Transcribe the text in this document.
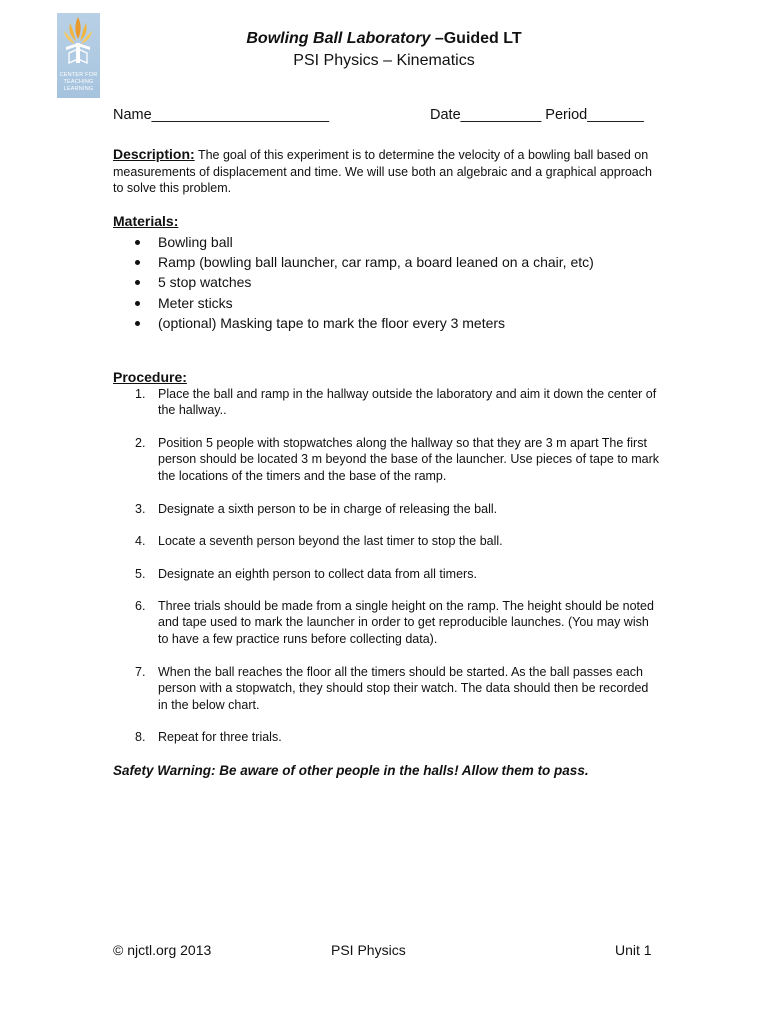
CENTER FOR
TEACHING
LEARNING
Bowling Ball Laboratory –Guided LT
PSI Physics – Kinematics
Name______________________	Date__________ Period_______
Description: The goal of this experiment is to determine the velocity of a bowling ball based on measurements of displacement and time. We will use both an algebraic and a graphical approach to solve this problem.
Materials:
Bowling ball
Ramp (bowling ball launcher, car ramp, a board leaned on a chair, etc)
5 stop watches
Meter sticks
(optional) Masking tape to mark the floor every 3 meters
Procedure:
1. Place the ball and ramp in the hallway outside the laboratory and aim it down the center of the hallway..
2. Position 5 people with stopwatches along the hallway so that they are 3 m apart The first person should be located 3 m beyond the base of the launcher. Use pieces of tape to mark the locations of the timers and the base of the ramp.
3. Designate a sixth person to be in charge of releasing the ball.
4. Locate a seventh person beyond the last timer to stop the ball.
5. Designate an eighth person to collect data from all timers.
6. Three trials should be made from a single height on the ramp. The height should be noted and tape used to mark the launcher in order to get reproducible launches. (You may wish to have a few practice runs before collecting data).
7. When the ball reaches the floor all the timers should be started. As the ball passes each person with a stopwatch, they should stop their watch. The data should then be recorded in the below chart.
8. Repeat for three trials.
Safety Warning: Be aware of other people in the halls! Allow them to pass.
© njctl.org 2013	PSI Physics	Unit 1
